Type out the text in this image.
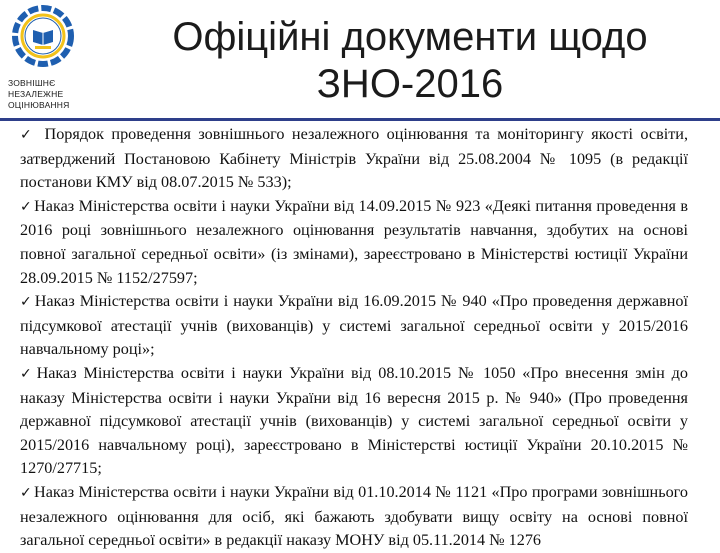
ЗОВНІШНЄ
НЕЗАЛЕЖНЕ
ОЦІНЮВАННЯ
Офіційні документи щодо
ЗНО-2016

✓ Порядок проведення зовнішнього незалежного оцінювання та моніторингу якості освіти, затверджений Постановою Кабінету Міністрів України від 25.08.2004 № 1095 (в редакції постанови КМУ від 08.07.2015 № 533);

✓ Наказ Міністерства освіти і науки України від 14.09.2015 № 923 «Деякі питання проведення в 2016 році зовнішнього незалежного оцінювання результатів навчання, здобутих на основі повної загальної середньої освіти» (із змінами), зареєстровано в Міністерстві юстиції України 28.09.2015 № 1152/27597;

✓ Наказ Міністерства освіти і науки України від 16.09.2015 № 940 «Про проведення державної підсумкової атестації учнів (вихованців) у системі загальної середньої освіти у 2015/2016 навчальному році»;

✓ Наказ Міністерства освіти і науки України від 08.10.2015 № 1050 «Про внесення змін до наказу Міністерства освіти і науки України від 16 вересня 2015 р. № 940» (Про проведення державної підсумкової атестації учнів (вихованців) у системі загальної середньої освіти у 2015/2016 навчальному році), зареєстровано в Міністерстві юстиції України 20.10.2015 № 1270/27715;

✓ Наказ Міністерства освіти і науки України від 01.10.2014 № 1121 «Про програми зовнішнього незалежного оцінювання для осіб, які бажають здобувати вищу освіту на основі повної загальної середньої освіти» в редакції наказу МОНУ від 05.11.2014 № 1276
